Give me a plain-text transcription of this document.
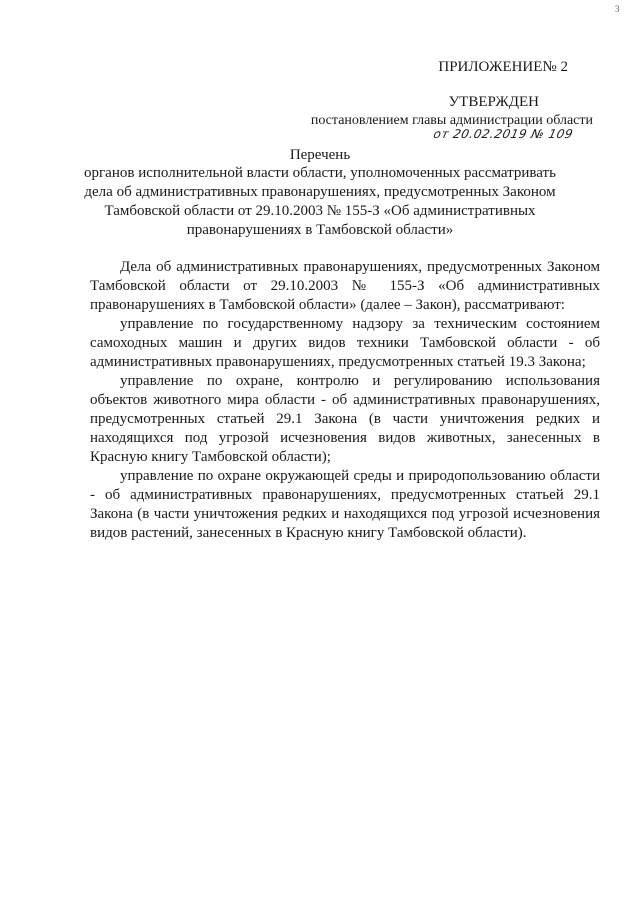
3
ПРИЛОЖЕНИЕ№ 2
УТВЕРЖДЕН
постановлением главы администрации области
от 20.02.2019 № 109
Перечень
органов исполнительной власти области, уполномоченных рассматривать дела об административных правонарушениях, предусмотренных Законом Тамбовской области от 29.10.2003 № 155-З «Об административных правонарушениях в Тамбовской области»

Дела об административных правонарушениях, предусмотренных Законом Тамбовской области от 29.10.2003 № 155-З «Об административных правонарушениях в Тамбовской области» (далее – Закон), рассматривают:

управление по государственному надзору за техническим состоянием самоходных машин и других видов техники Тамбовской области - об административных правонарушениях, предусмотренных статьей 19.3 Закона;

управление по охране, контролю и регулированию использования объектов животного мира области - об административных правонарушениях, предусмотренных статьей 29.1 Закона (в части уничтожения редких и находящихся под угрозой исчезновения видов животных, занесенных в Красную книгу Тамбовской области);

управление по охране окружающей среды и природопользованию области - об административных правонарушениях, предусмотренных статьей 29.1 Закона (в части уничтожения редких и находящихся под угрозой исчезновения видов растений, занесенных в Красную книгу Тамбовской области).
